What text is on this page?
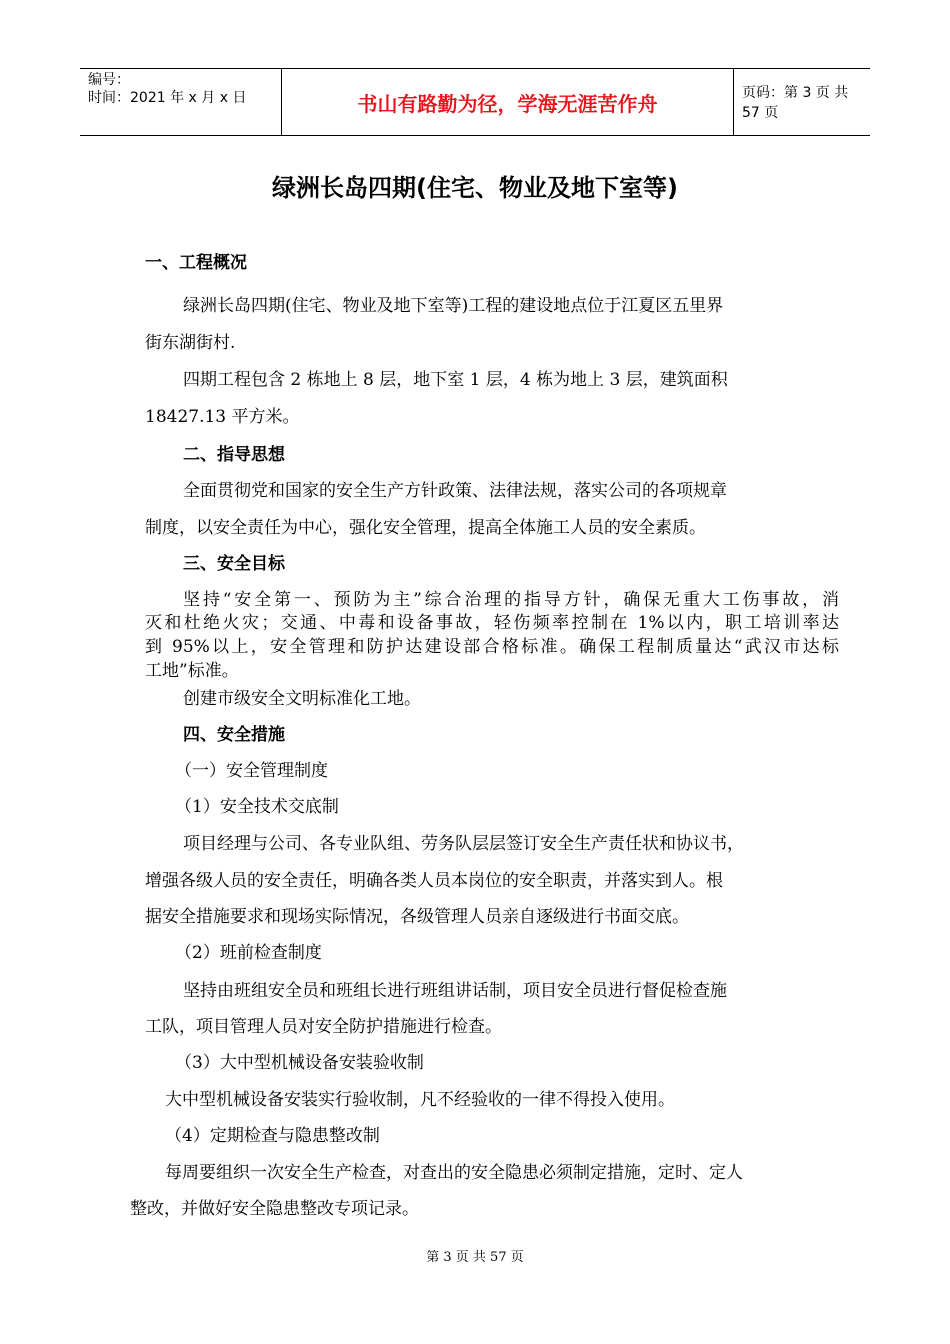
编号：
时间：2021 年 x 月 x 日	书山有路勤为径，学海无涯苦作舟	页码：第 3 页 共 57 页
绿洲长岛四期(住宅、物业及地下室等)
一、工程概况
绿洲长岛四期(住宅、物业及地下室等)工程的建设地点位于江夏区五里界
街东湖街村.
四期工程包含 2 栋地上 8 层，地下室 1 层，4 栋为地上 3 层，建筑面积
18427.13 平方米。
二、指导思想
全面贯彻党和国家的安全生产方针政策、法律法规，落实公司的各项规章
制度，以安全责任为中心，强化安全管理，提高全体施工人员的安全素质。
三、安全目标
坚持“安全第一、预防为主”综合治理的指导方针，确保无重大工伤事故，消
灭和杜绝火灾；交通、中毒和设备事故，轻伤频率控制在 1%以内，职工培训率达
到 95%以上，安全管理和防护达建设部合格标准。确保工程制质量达“武汉市达标
工地”标准。
创建市级安全文明标准化工地。
四、安全措施
（一）安全管理制度
（1）安全技术交底制
项目经理与公司、各专业队组、劳务队层层签订安全生产责任状和协议书，
增强各级人员的安全责任，明确各类人员本岗位的安全职责，并落实到人。根
据安全措施要求和现场实际情况，各级管理人员亲自逐级进行书面交底。
（2）班前检查制度
坚持由班组安全员和班组长进行班组讲话制，项目安全员进行督促检查施
工队，项目管理人员对安全防护措施进行检查。
（3）大中型机械设备安装验收制
大中型机械设备安装实行验收制，凡不经验收的一律不得投入使用。
（4）定期检查与隐患整改制
每周要组织一次安全生产检查，对查出的安全隐患必须制定措施，定时、定人
整改，并做好安全隐患整改专项记录。
第 3 页 共 57 页
